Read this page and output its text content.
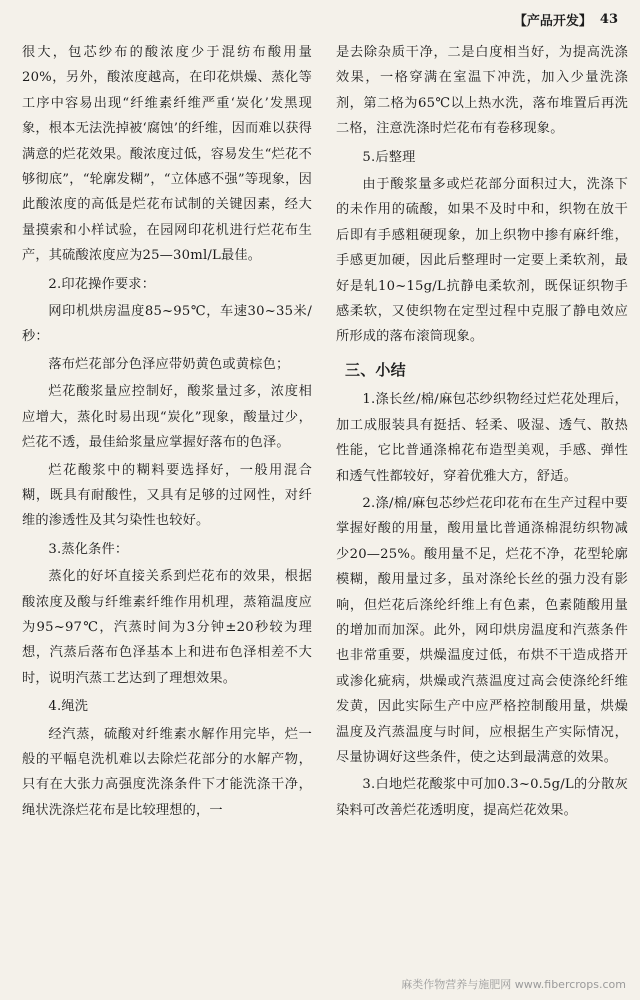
【产品开发】 43
很大，包芯纱布的酸浓度少于混纺布酸用量20%，另外，酸浓度越高，在印花烘燥、蒸化等工序中容易出现“纤维素纤维严重‘炭化’发黑现象，根本无法洗掉被‘腐蚀’的纤维，因而难以获得满意的烂花效果。酸浓度过低，容易发生“烂花不够彻底”，“轮廓发糊”，“立体感不强”等现象，因此酸浓度的高低是烂花布试制的关键因素，经大量摸索和小样试验，在园网印花机进行烂花布生产，其硫酸浓度应为25—30ml/L最佳。
2.印花操作要求：
网印机烘房温度85~95℃，车速30~35米/秒：
落布烂花部分色泽应带奶黄色或黄棕色；
烂花酸浆量应控制好，酸浆量过多，浓度相应增大，蒸化时易出现“炭化”现象，酸量过少，烂花不透，最佳給浆量应掌握好落布的色泽。
烂花酸浆中的糊料要选择好，一般用混合糊，既具有耐酸性，又具有足够的过网性，对纤维的渗透性及其匀染性也较好。
3.蒸化条件：
蒸化的好坏直接关系到烂花布的效果，根据酸浓度及酸与纤维素纤维作用机理，蒸箱温度应为95~97℃，汽蒸时间为3分钟±20秒较为理想，汽蒸后落布色泽基本上和进布色泽相差不大时，说明汽蒸工艺达到了理想效果。
4.绳洗
经汽蒸，硫酸对纤维素水解作用完毕，烂一般的平幅皂洗机难以去除烂花部分的水解产物，只有在大张力高强度洗涤条件下才能洗涤干净，绳状洗涤烂花布是比较理想的，一
是去除杂质干净，二是白度相当好，为提高洗涤效果，一格穿满在室温下冲洗，加入少量洗涤剂，第二格为65℃以上热水洗，落布堆置后再洗二格，注意洗涤时烂花布有卷移现象。
5.后整理
由于酸浆量多或烂花部分面积过大，洗涤下的未作用的硫酸，如果不及时中和，织物在放干后即有手感粗硬现象，加上织物中掺有麻纤维，手感更加硬，因此后整理时一定要上柔软剂，最好是轧10~15g/L抗静电柔软剂，既保证织物手感柔软，又使织物在定型过程中克服了静电效应所形成的落布滚筒现象。
三、小结
1.涤长丝/棉/麻包芯纱织物经过烂花处理后，加工成服装具有挺括、轻柔、吸湿、透气、散热性能，它比普通涤棉花布造型美观，手感、弹性和透气性都较好，穿着优雅大方，舒适。
2.涤/棉/麻包芯纱烂花印花布在生产过程中要掌握好酸的用量，酸用量比普通涤棉混纺织物减少20—25%。酸用量不足，烂花不净，花型轮廓模糊，酸用量过多，虽对涤纶长丝的强力没有影响，但烂花后涤纶纤维上有色素，色素随酸用量的增加而加深。此外，网印烘房温度和汽蒸条件也非常重要，烘燥温度过低，布烘不干造成搭开或渗化疵病，烘燥或汽蒸温度过高会使涤纶纤维发黄，因此实际生产中应严格控制酸用量，烘燥温度及汽蒸温度与时间，应根据生产实际情况，尽量协调好这些条件，使之达到最满意的效果。
3.白地烂花酸浆中可加0.3~0.5g/L的分散灰染料可改善烂花透明度，提高烂花效果。
麻类作物营养与施肥网 www.fibercrops.com
